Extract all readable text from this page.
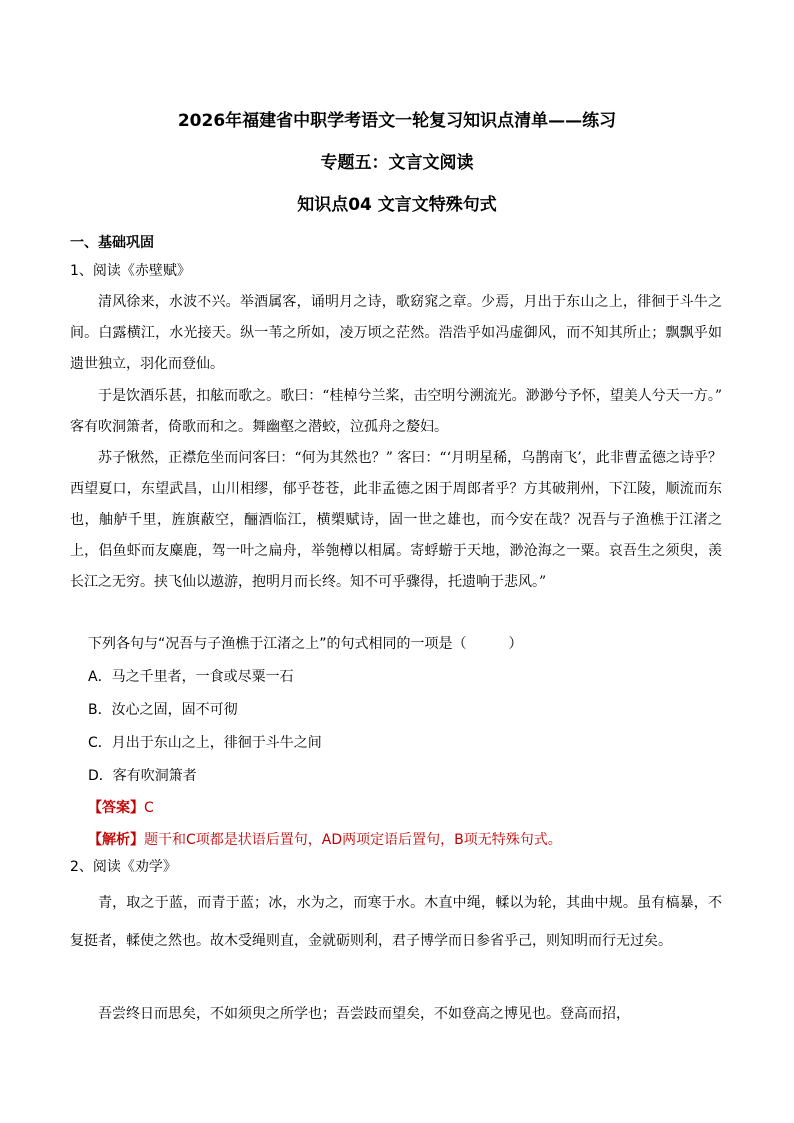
2026年福建省中职学考语文一轮复习知识点清单——练习
专题五：文言文阅读
知识点04 文言文特殊句式
一、基础巩固
1、阅读《赤壁赋》

清风徐来，水波不兴。举酒属客，诵明月之诗，歌窈窕之章。少焉，月出于东山之上，徘徊于斗牛之间。白露横江，水光接天。纵一苇之所如，凌万顷之茫然。浩浩乎如冯虚御风，而不知其所止；飘飘乎如遗世独立，羽化而登仙。

于是饮酒乐甚，扣舷而歌之。歌曰：“桂棹兮兰桨，击空明兮溯流光。渺渺兮予怀，望美人兮天一方。” 客有吹洞箫者，倚歌而和之。舞幽壑之潜蛟，泣孤舟之嫠妇。

苏子愀然，正襟危坐而问客曰：“何为其然也？” 客曰：“‘月明星稀，乌鹊南飞’，此非曹孟德之诗乎？西望夏口，东望武昌，山川相缪，郁乎苍苍，此非孟德之困于周郎者乎？方其破荆州，下江陵，顺流而东也，舳舻千里，旌旗蔽空，酾酒临江，横槊赋诗，固一世之雄也，而今安在哉？况吾与子渔樵于江渚之上，侣鱼虾而友麋鹿，驾一叶之扁舟，举匏樽以相属。寄蜉蝣于天地，渺沧海之一粟。哀吾生之须臾，羡长江之无穷。挟飞仙以遨游，抱明月而长终。知不可乎骤得，托遗响于悲风。”

下列各句与“况吾与子渔樵于江渚之上”的句式相同的一项是（　　　）
A．马之千里者，一食或尽粟一石
B．汝心之固，固不可彻
C．月出于东山之上，徘徊于斗牛之间
D．客有吹洞箫者
【答案】C
【解析】题干和C项都是状语后置句，AD两项定语后置句，B项无特殊句式。
2、阅读《劝学》

青，取之于蓝，而青于蓝；冰，水为之，而寒于水。木直中绳，輮以为轮，其曲中规。虽有槁暴，不复挺者，輮使之然也。故木受绳则直，金就砺则利，君子博学而日参省乎己，则知明而行无过矣。

吾尝终日而思矣，不如须臾之所学也；吾尝跂而望矣，不如登高之博见也。登高而招，
